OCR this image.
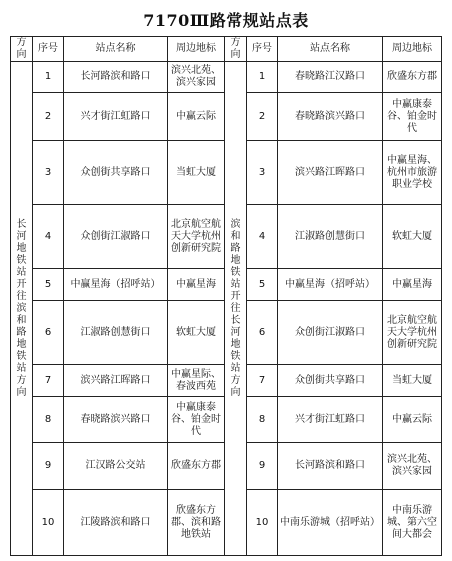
7170Ⅲ路常规站点表
方向	序号	站点名称	周边地标	方向	序号	站点名称	周边地标
长河地铁站开往滨和路地铁站方向	1	长河路滨和路口	滨兴北苑、滨兴家园	滨和路地铁站开往长河地铁站方向	1	春晓路江汉路口	欣盛东方郡
	2	兴才街江虹路口	中赢云际		2	春晓路滨兴路口	中赢康泰谷、铂金时代
	3	众创街共享路口	当虹大厦		3	滨兴路江晖路口	中赢星海、杭州市旅游职业学校
	4	众创街江淑路口	北京航空航天大学杭州创新研究院		4	江淑路创慧街口	软虹大厦
	5	中赢星海（招呼站）	中赢星海		5	中赢星海（招呼站）	中赢星海
	6	江淑路创慧街口	软虹大厦		6	众创街江淑路口	北京航空航天大学杭州创新研究院
	7	滨兴路江晖路口	中赢星际、春波西苑		7	众创街共享路口	当虹大厦
	8	春晓路滨兴路口	中赢康泰谷、铂金时代		8	兴才街江虹路口	中赢云际
	9	江汉路公交站	欣盛东方郡		9	长河路滨和路口	滨兴北苑、滨兴家园
	10	江陵路滨和路口	欣盛东方郡、滨和路地铁站		10	中南乐游城（招呼站）	中南乐游城、第六空间大都会
